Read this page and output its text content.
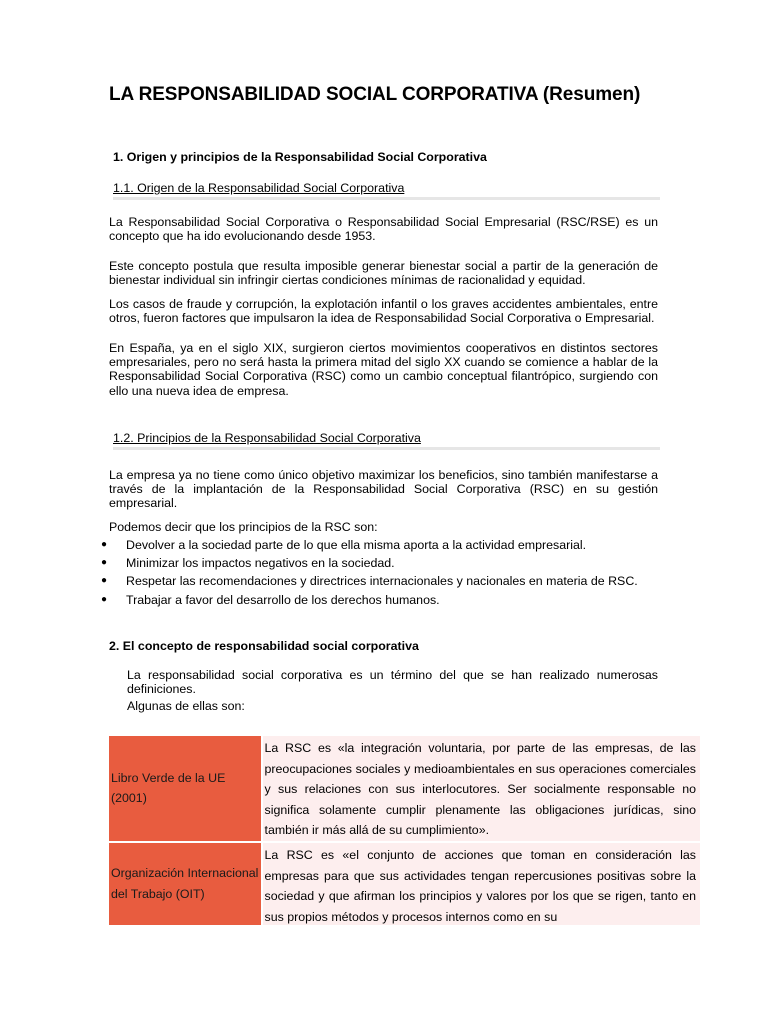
LA RESPONSABILIDAD SOCIAL CORPORATIVA (Resumen)
1. Origen y principios de la Responsabilidad Social Corporativa
1.1. Origen de la Responsabilidad Social Corporativa

La Responsabilidad Social Corporativa o Responsabilidad Social Empresarial (RSC/RSE) es un concepto que ha ido evolucionando desde 1953.

Este concepto postula que resulta imposible generar bienestar social a partir de la generación de bienestar individual sin infringir ciertas condiciones mínimas de racionalidad y equidad.

Los casos de fraude y corrupción, la explotación infantil o los graves accidentes ambientales, entre otros, fueron factores que impulsaron la idea de Responsabilidad Social Corporativa o Empresarial.

En España, ya en el siglo XIX, surgieron ciertos movimientos cooperativos en distintos sectores empresariales, pero no será hasta la primera mitad del siglo XX cuando se comience a hablar de la Responsabilidad Social Corporativa (RSC) como un cambio conceptual filantrópico, surgiendo con ello una nueva idea de empresa.

1.2. Principios de la Responsabilidad Social Corporativa

La empresa ya no tiene como único objetivo maximizar los beneficios, sino también manifestarse a través de la implantación de la Responsabilidad Social Corporativa (RSC) en su gestión empresarial.

Podemos decir que los principios de la RSC son:

● Devolver a la sociedad parte de lo que ella misma aporta a la actividad empresarial.
● Minimizar los impactos negativos en la sociedad.
● Respetar las recomendaciones y directrices internacionales y nacionales en materia de RSC.
● Trabajar a favor del desarrollo de los derechos humanos.
2. El concepto de responsabilidad social corporativa

La responsabilidad social corporativa es un término del que se han realizado numerosas definiciones.

Algunas de ellas son:

Libro Verde de la UE (2001)	La RSC es «la integración voluntaria, por parte de las empresas, de las preocupaciones sociales y medioambientales en sus operaciones comerciales y sus relaciones con sus interlocutores. Ser socialmente responsable no significa solamente cumplir plenamente las obligaciones jurídicas, sino también ir más allá de su cumplimiento».
Organización Internacional del Trabajo (OIT)	La RSC es «el conjunto de acciones que toman en consideración las empresas para que sus actividades tengan repercusiones positivas sobre la sociedad y que afirman los principios y valores por los que se rigen, tanto en sus propios métodos y procesos internos como en su
